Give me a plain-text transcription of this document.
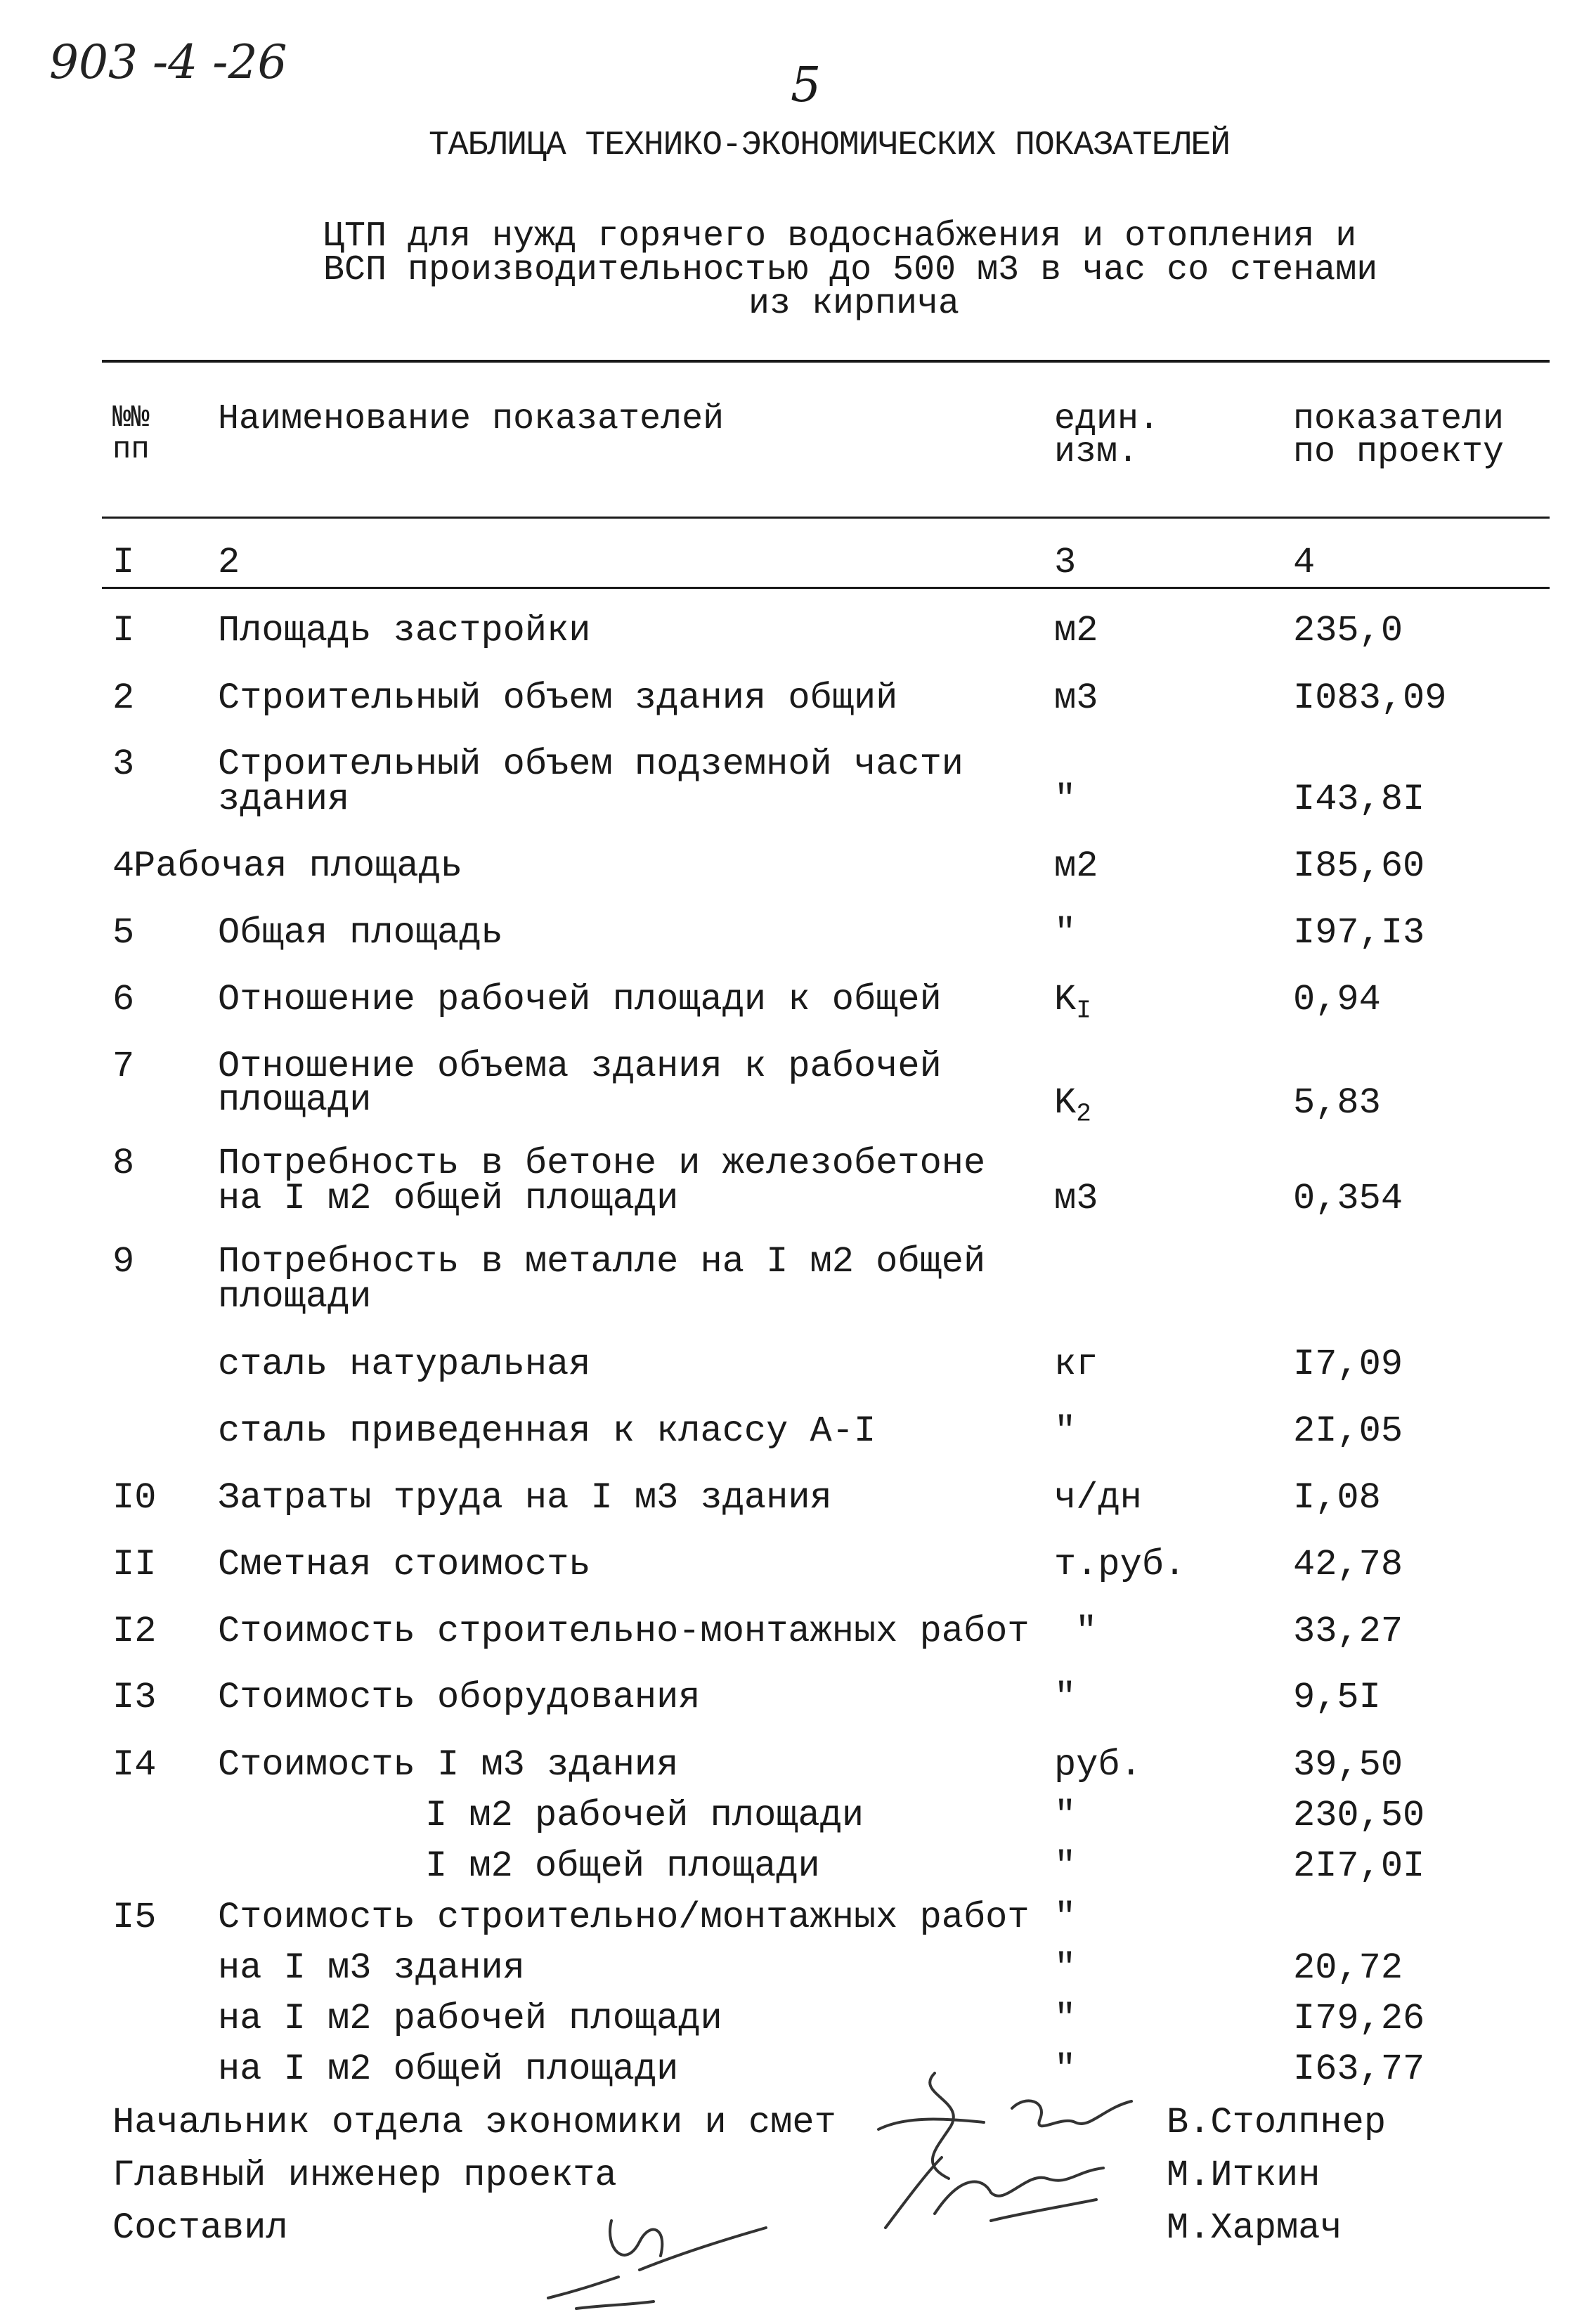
903 -4 -26	5
ТАБЛИЦА ТЕХНИКО-ЭКОНОМИЧЕСКИХ ПОКАЗАТЕЛЕЙ
ЦТП для нужд горячего водоснабжения и отопления и
ВСП производительностью до 500 м3 в час со стенами
из кирпича
№№
пп
Наименование показателей	един.
изм.
показатели
по проекту
I 2	3	4
I Площадь застройки	м2	235,0
2 Строительный объем здания общий	м3	I083,09
3 Строительный объем подземной части
здания	"	I43,8I
4
Рабочая площадь	м2	I85,60
5 Общая площадь	"	I97,I3
6 Отношение рабочей площади к общей	$K_I$	0,94
7 Отношение объема здания к рабочей
площади	$K_2$	5,83
8 Потребность в бетоне и железобетоне
на I м2 общей площади	м3	0,354
9 Потребность в металле на I м2 общей
площади
сталь натуральная	кг	I7,09
сталь приведенная к классу А-I	"	2I,05
I0 Затраты труда на I м3 здания	ч/дн	I,08
II Сметная стоимость	т.руб.	42,78
I2 Стоимость строительно-монтажных работ "	33,27
I3 Стоимость оборудования	"	9,5I
I4 Стоимость I м3 здания	руб.	39,50
I м2 рабочей площади	"	230,50
I м2 общей площади	"	2I7,0I
I5 Стоимость строительно/монтажных работ "
на I м3 здания	"	20,72
на I м2 рабочей площади	"	I79,26
на I м2 общей площади	"	I63,77
Начальник отдела экономики и смет	В.Столпнер
Главный инженер проекта	М.Иткин
Составил	М.Хармач
